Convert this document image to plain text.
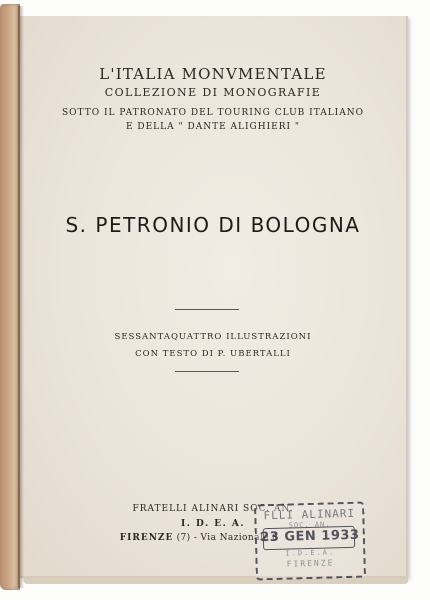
L'ITALIA MONVMENTALE
COLLEZIONE DI MONOGRAFIE
SOTTO IL PATRONATO DEL TOURING CLUB ITALIANO
E DELLA " DANTE ALIGHIERI "
S. PETRONIO DI BOLOGNA
SESSANTAQUATTRO ILLUSTRAZIONI
CON TESTO DI P. UBERTALLI
FRATELLI ALINARI SOC. AN.
I. D. E. A.
FIRENZE (7) - Via Nazionale 8
FLLI ALINARI
SOC. AN.
23 GEN 1933
I.D.E.A.
FIRENZE
